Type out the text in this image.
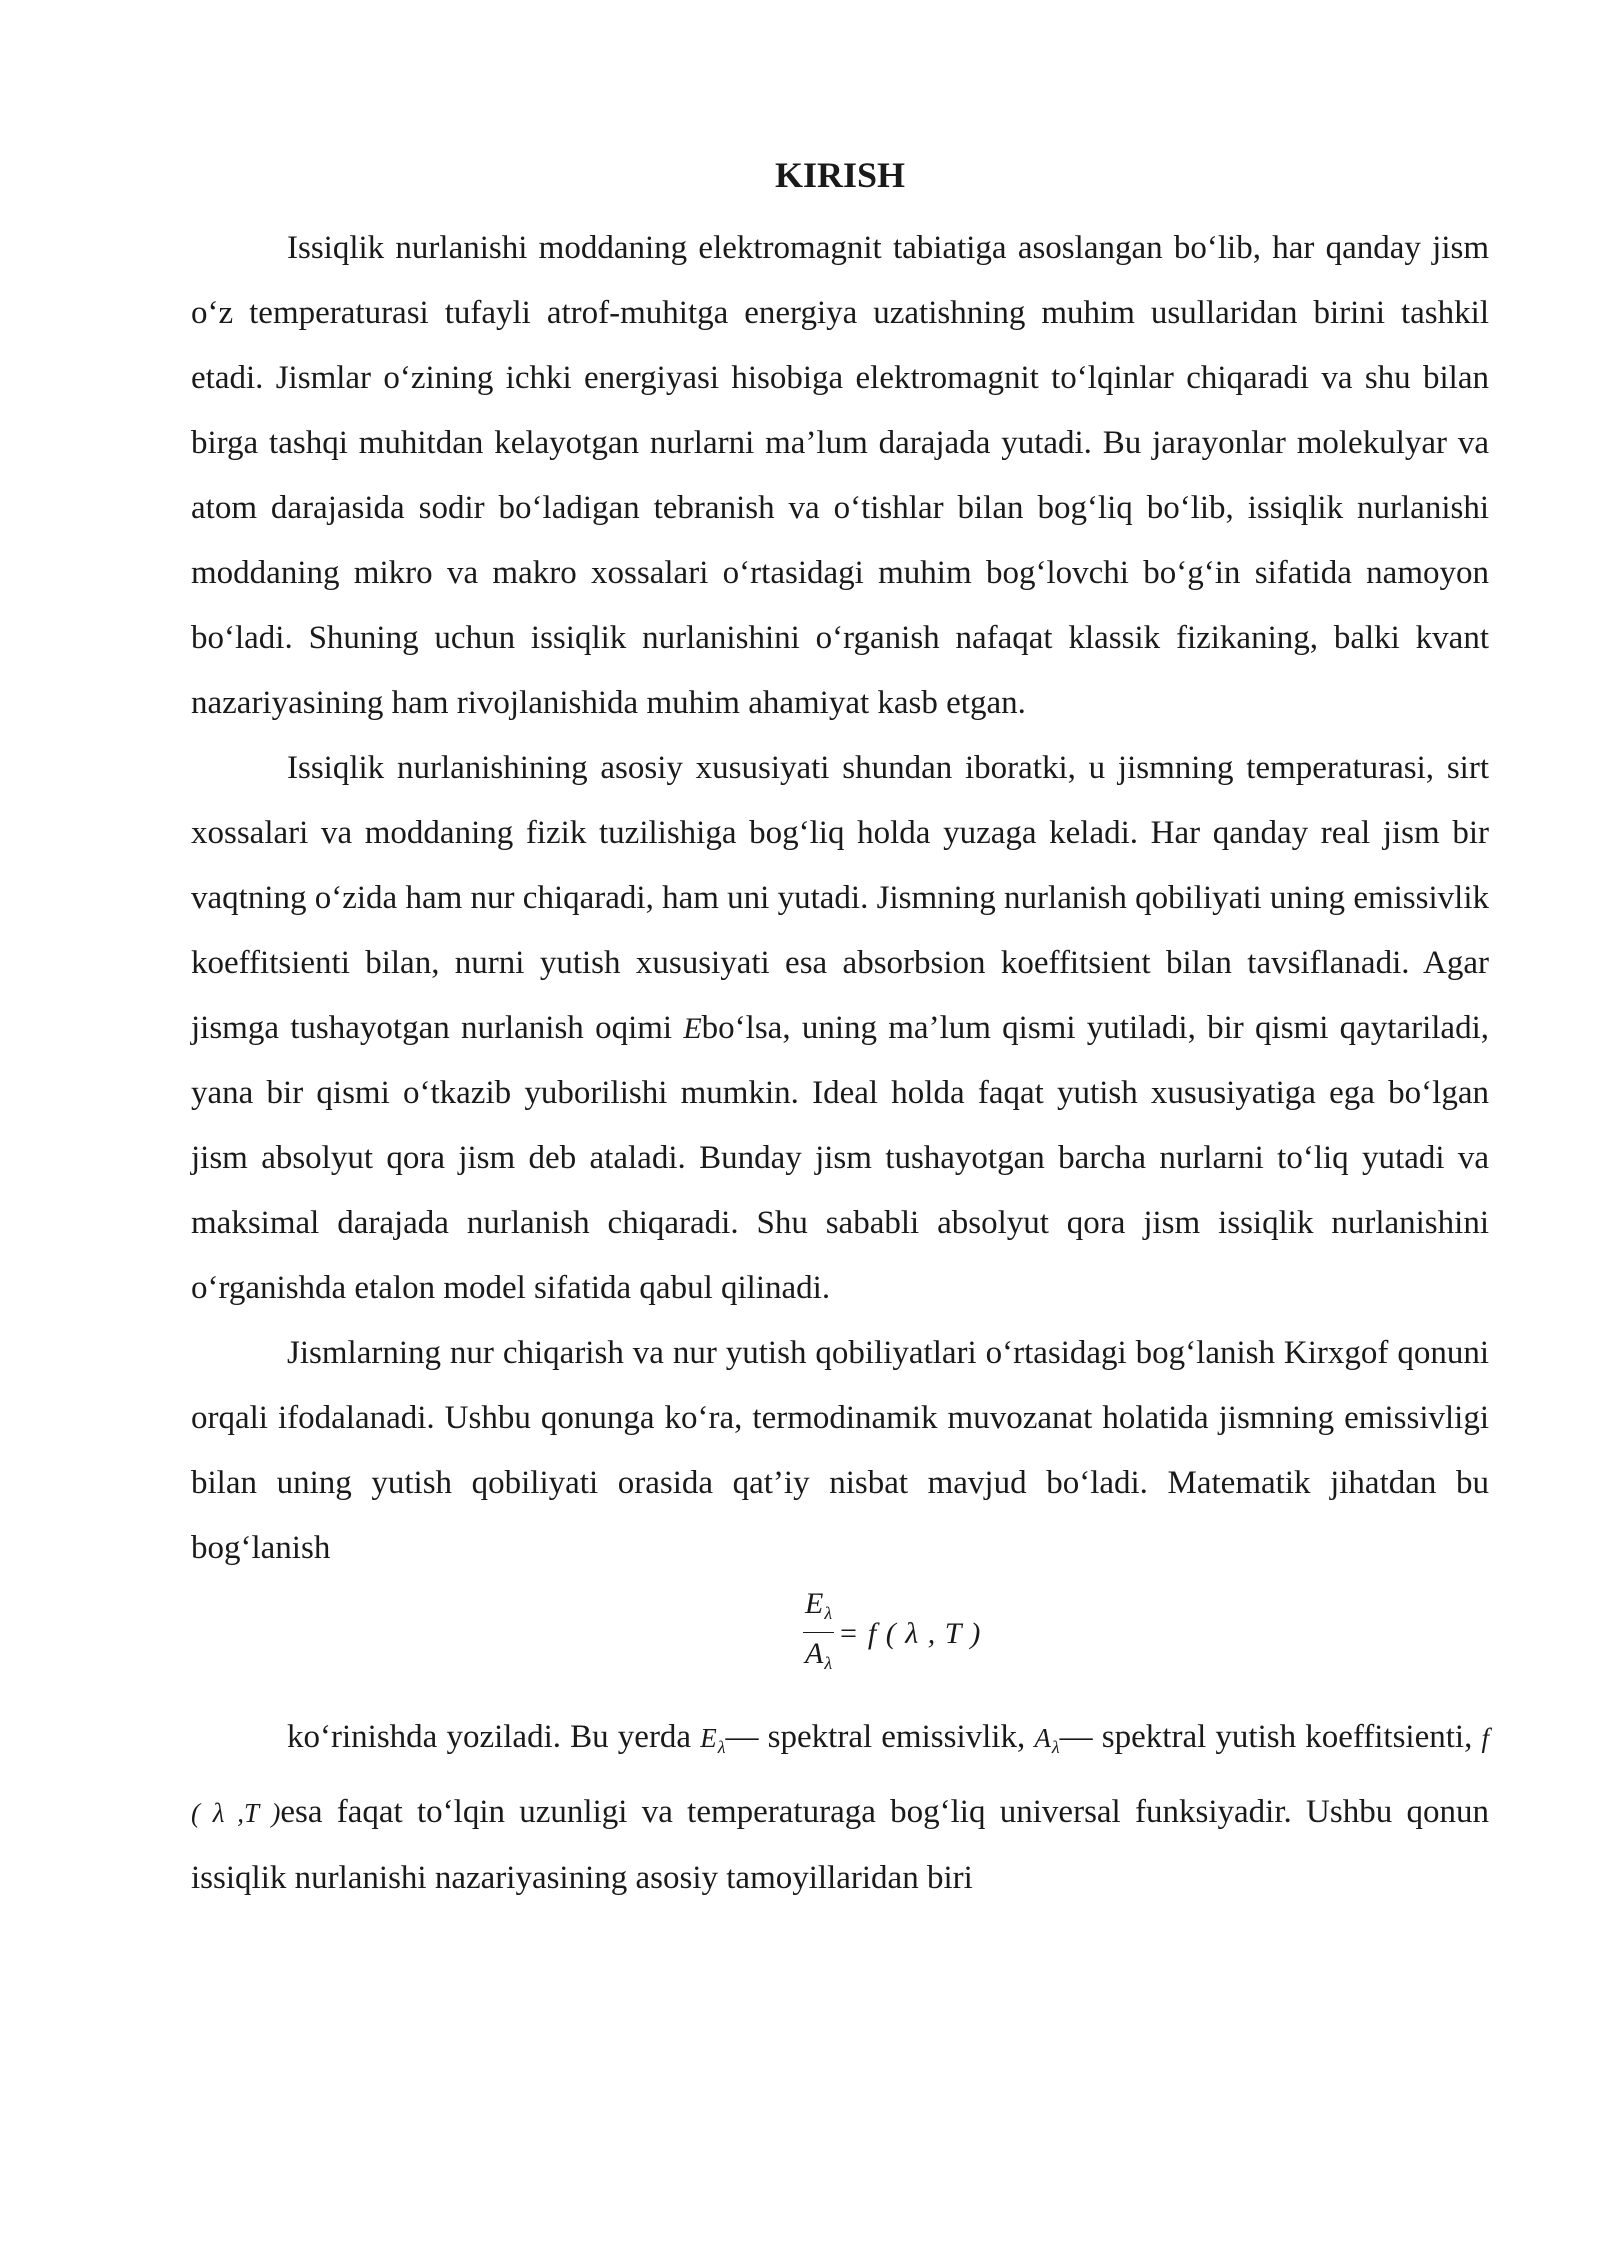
KIRISH

Issiqlik nurlanishi moddaning elektromagnit tabiatiga asoslangan bo‘lib, har qanday jism o‘z temperaturasi tufayli atrof-muhitga energiya uzatishning muhim usullaridan birini tashkil etadi. Jismlar o‘zining ichki energiyasi hisobiga elektromagnit to‘lqinlar chiqaradi va shu bilan birga tashqi muhitdan kelayotgan nurlarni ma’lum darajada yutadi. Bu jarayonlar molekulyar va atom darajasida sodir bo‘ladigan tebranish va o‘tishlar bilan bog‘liq bo‘lib, issiqlik nurlanishi moddaning mikro va makro xossalari o‘rtasidagi muhim bog‘lovchi bo‘g‘in sifatida namoyon bo‘ladi. Shuning uchun issiqlik nurlanishini o‘rganish nafaqat klassik fizikaning, balki kvant nazariyasining ham rivojlanishida muhim ahamiyat kasb etgan.

Issiqlik nurlanishining asosiy xususiyati shundan iboratki, u jismning temperaturasi, sirt xossalari va moddaning fizik tuzilishiga bog‘liq holda yuzaga keladi. Har qanday real jism bir vaqtning o‘zida ham nur chiqaradi, ham uni yutadi. Jismning nurlanish qobiliyati uning emissivlik koeffitsienti bilan, nurni yutish xususiyati esa absorbsion koeffitsient bilan tavsiflanadi. Agar jismga tushayotgan nurlanish oqimi Ebo‘lsa, uning ma’lum qismi yutiladi, bir qismi qaytariladi, yana bir qismi o‘tkazib yuborilishi mumkin. Ideal holda faqat yutish xususiyatiga ega bo‘lgan jism absolyut qora jism deb ataladi. Bunday jism tushayotgan barcha nurlarni to‘liq yutadi va maksimal darajada nurlanish chiqaradi. Shu sababli absolyut qora jism issiqlik nurlanishini o‘rganishda etalon model sifatida qabul qilinadi.

Jismlarning nur chiqarish va nur yutish qobiliyatlari o‘rtasidagi bog‘lanish Kirxgof qonuni orqali ifodalanadi. Ushbu qonunga ko‘ra, termodinamik muvozanat holatida jismning emissivligi bilan uning yutish qobiliyati orasida qat’iy nisbat mavjud bo‘ladi. Matematik jihatdan bu bog‘lanish

$\frac{E_\lambda}{A_\lambda} = f$ ( λ , T )

ko‘rinishda yoziladi. Bu yerda $E_\lambda—$ spektral emissivlik, $A_\lambda—$ spektral yutish koeffitsienti, f ( λ ,T )esa faqat to‘lqin uzunligi va temperaturaga bog‘liq universal funksiyadir. Ushbu qonun issiqlik nurlanishi nazariyasining asosiy tamoyillaridan biri
